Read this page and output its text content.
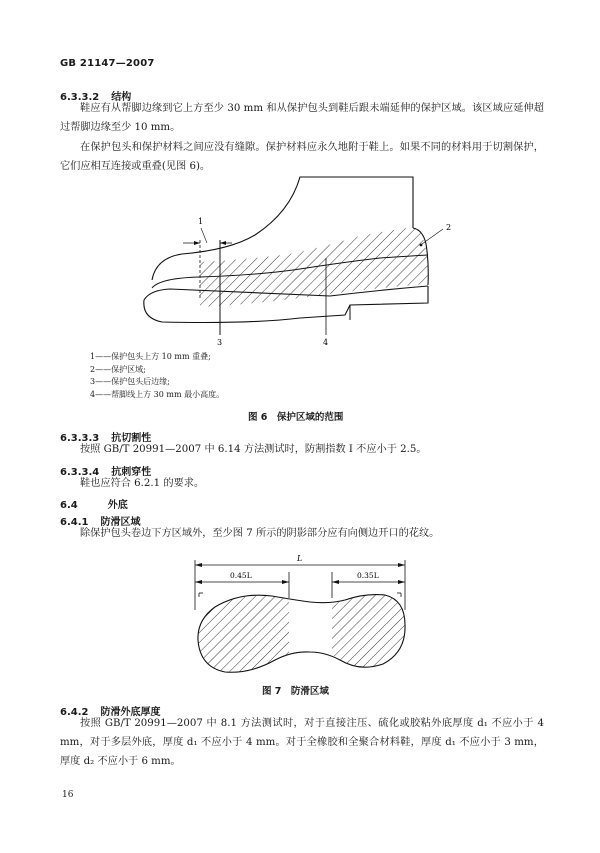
GB 21147—2007
6.3.3.2 结构
鞋应有从帮脚边缘到它上方至少 30 mm 和从保护包头到鞋后跟未端延伸的保护区域。该区域应延伸超过帮脚边缘至少 10 mm。
在保护包头和保护材料之间应没有缝隙。保护材料应永久地附于鞋上。如果不同的材料用于切割保护，它们应相互连接或重叠(见图 6)。
1
2
3	4
1——保护包头上方 10 mm 重叠;
2——保护区域;
3——保护包头后边缘;
4——帮脚线上方 30 mm 最小高度。
图 6　保护区域的范围
6.3.3.3 抗切割性
按照 GB/T 20991—2007 中 6.14 方法测试时，防割指数 I 不应小于 2.5。
6.3.3.4 抗刺穿性
鞋也应符合 6.2.1 的要求。
6.4	外底
6.4.1 防滑区域
除保护包头卷边下方区域外，至少图 7 所示的阴影部分应有向侧边开口的花纹。
L
0.45L	0.35L
图 7　防滑区域
6.4.2 防滑外底厚度
按照 GB/T 20991—2007 中 8.1 方法测试时，对于直接注压、硫化或胶粘外底厚度 d₁ 不应小于 4 mm，对于多层外底，厚度 d₁ 不应小于 4 mm。对于全橡胶和全聚合材料鞋，厚度 d₁ 不应小于 3 mm，厚度 d₂ 不应小于 6 mm。
16
